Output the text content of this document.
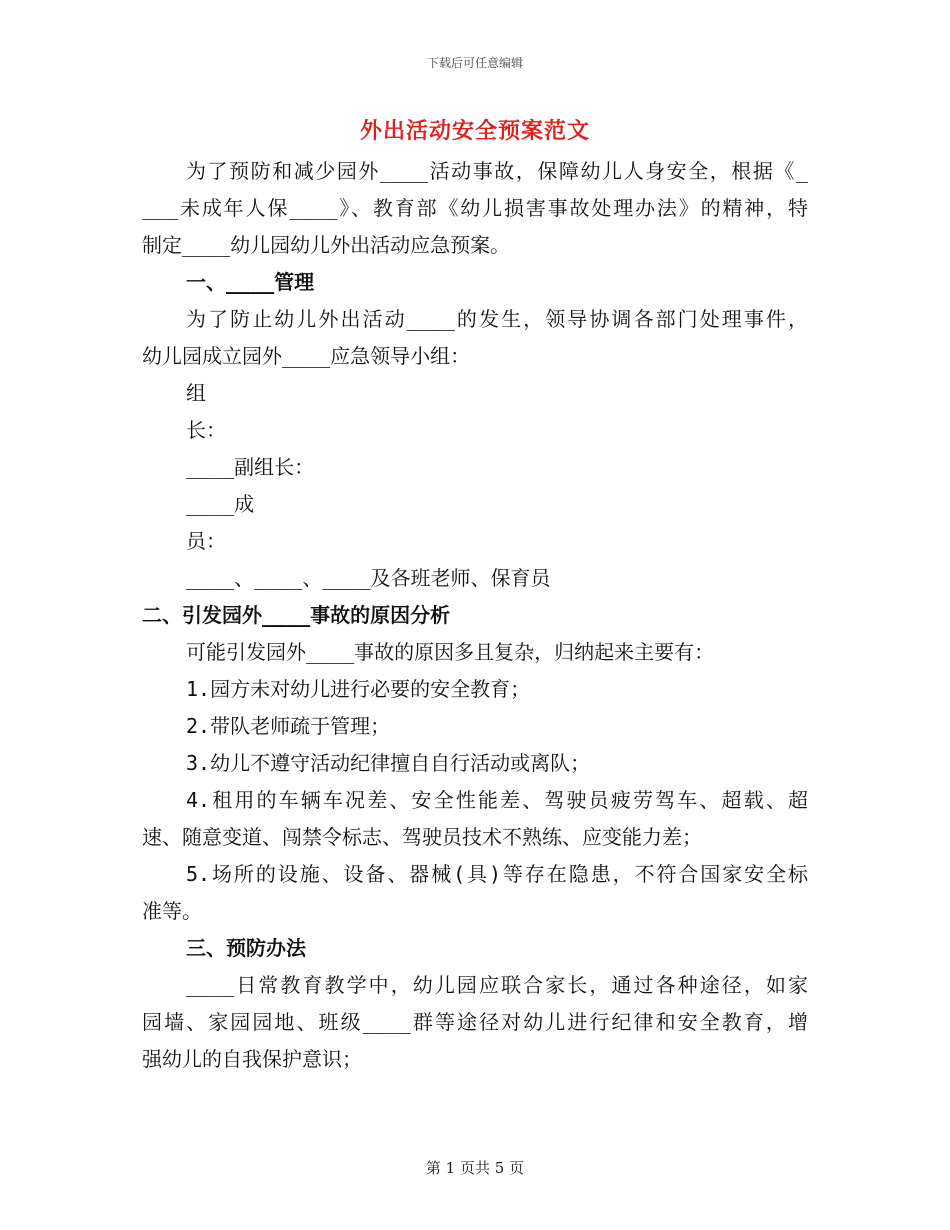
下载后可任意编辑
外出活动安全预案范文
为了预防和减少园外____活动事故，保障幼儿人身安全，根据《_
___未成年人保____》、教育部《幼儿损害事故处理办法》的精神，特
制定____幼儿园幼儿外出活动应急预案。
一、____管理
为了防止幼儿外出活动____的发生，领导协调各部门处理事件，
幼儿园成立园外____应急领导小组：
组
长：
____副组长：
____成
员：
____、____、____及各班老师、保育员
二、引发园外____事故的原因分析
可能引发园外____事故的原因多且复杂，归纳起来主要有：
1.园方未对幼儿进行必要的安全教育；
2.带队老师疏于管理；
3.幼儿不遵守活动纪律擅自自行活动或离队；
4.租用的车辆车况差、安全性能差、驾驶员疲劳驾车、超载、超
速、随意变道、闯禁令标志、驾驶员技术不熟练、应变能力差；
5.场所的设施、设备、器械(具)等存在隐患，不符合国家安全标
准等。
三、预防办法
____日常教育教学中，幼儿园应联合家长，通过各种途径，如家
园墙、家园园地、班级____群等途径对幼儿进行纪律和安全教育，增
强幼儿的自我保护意识；
第 1 页共 5 页
